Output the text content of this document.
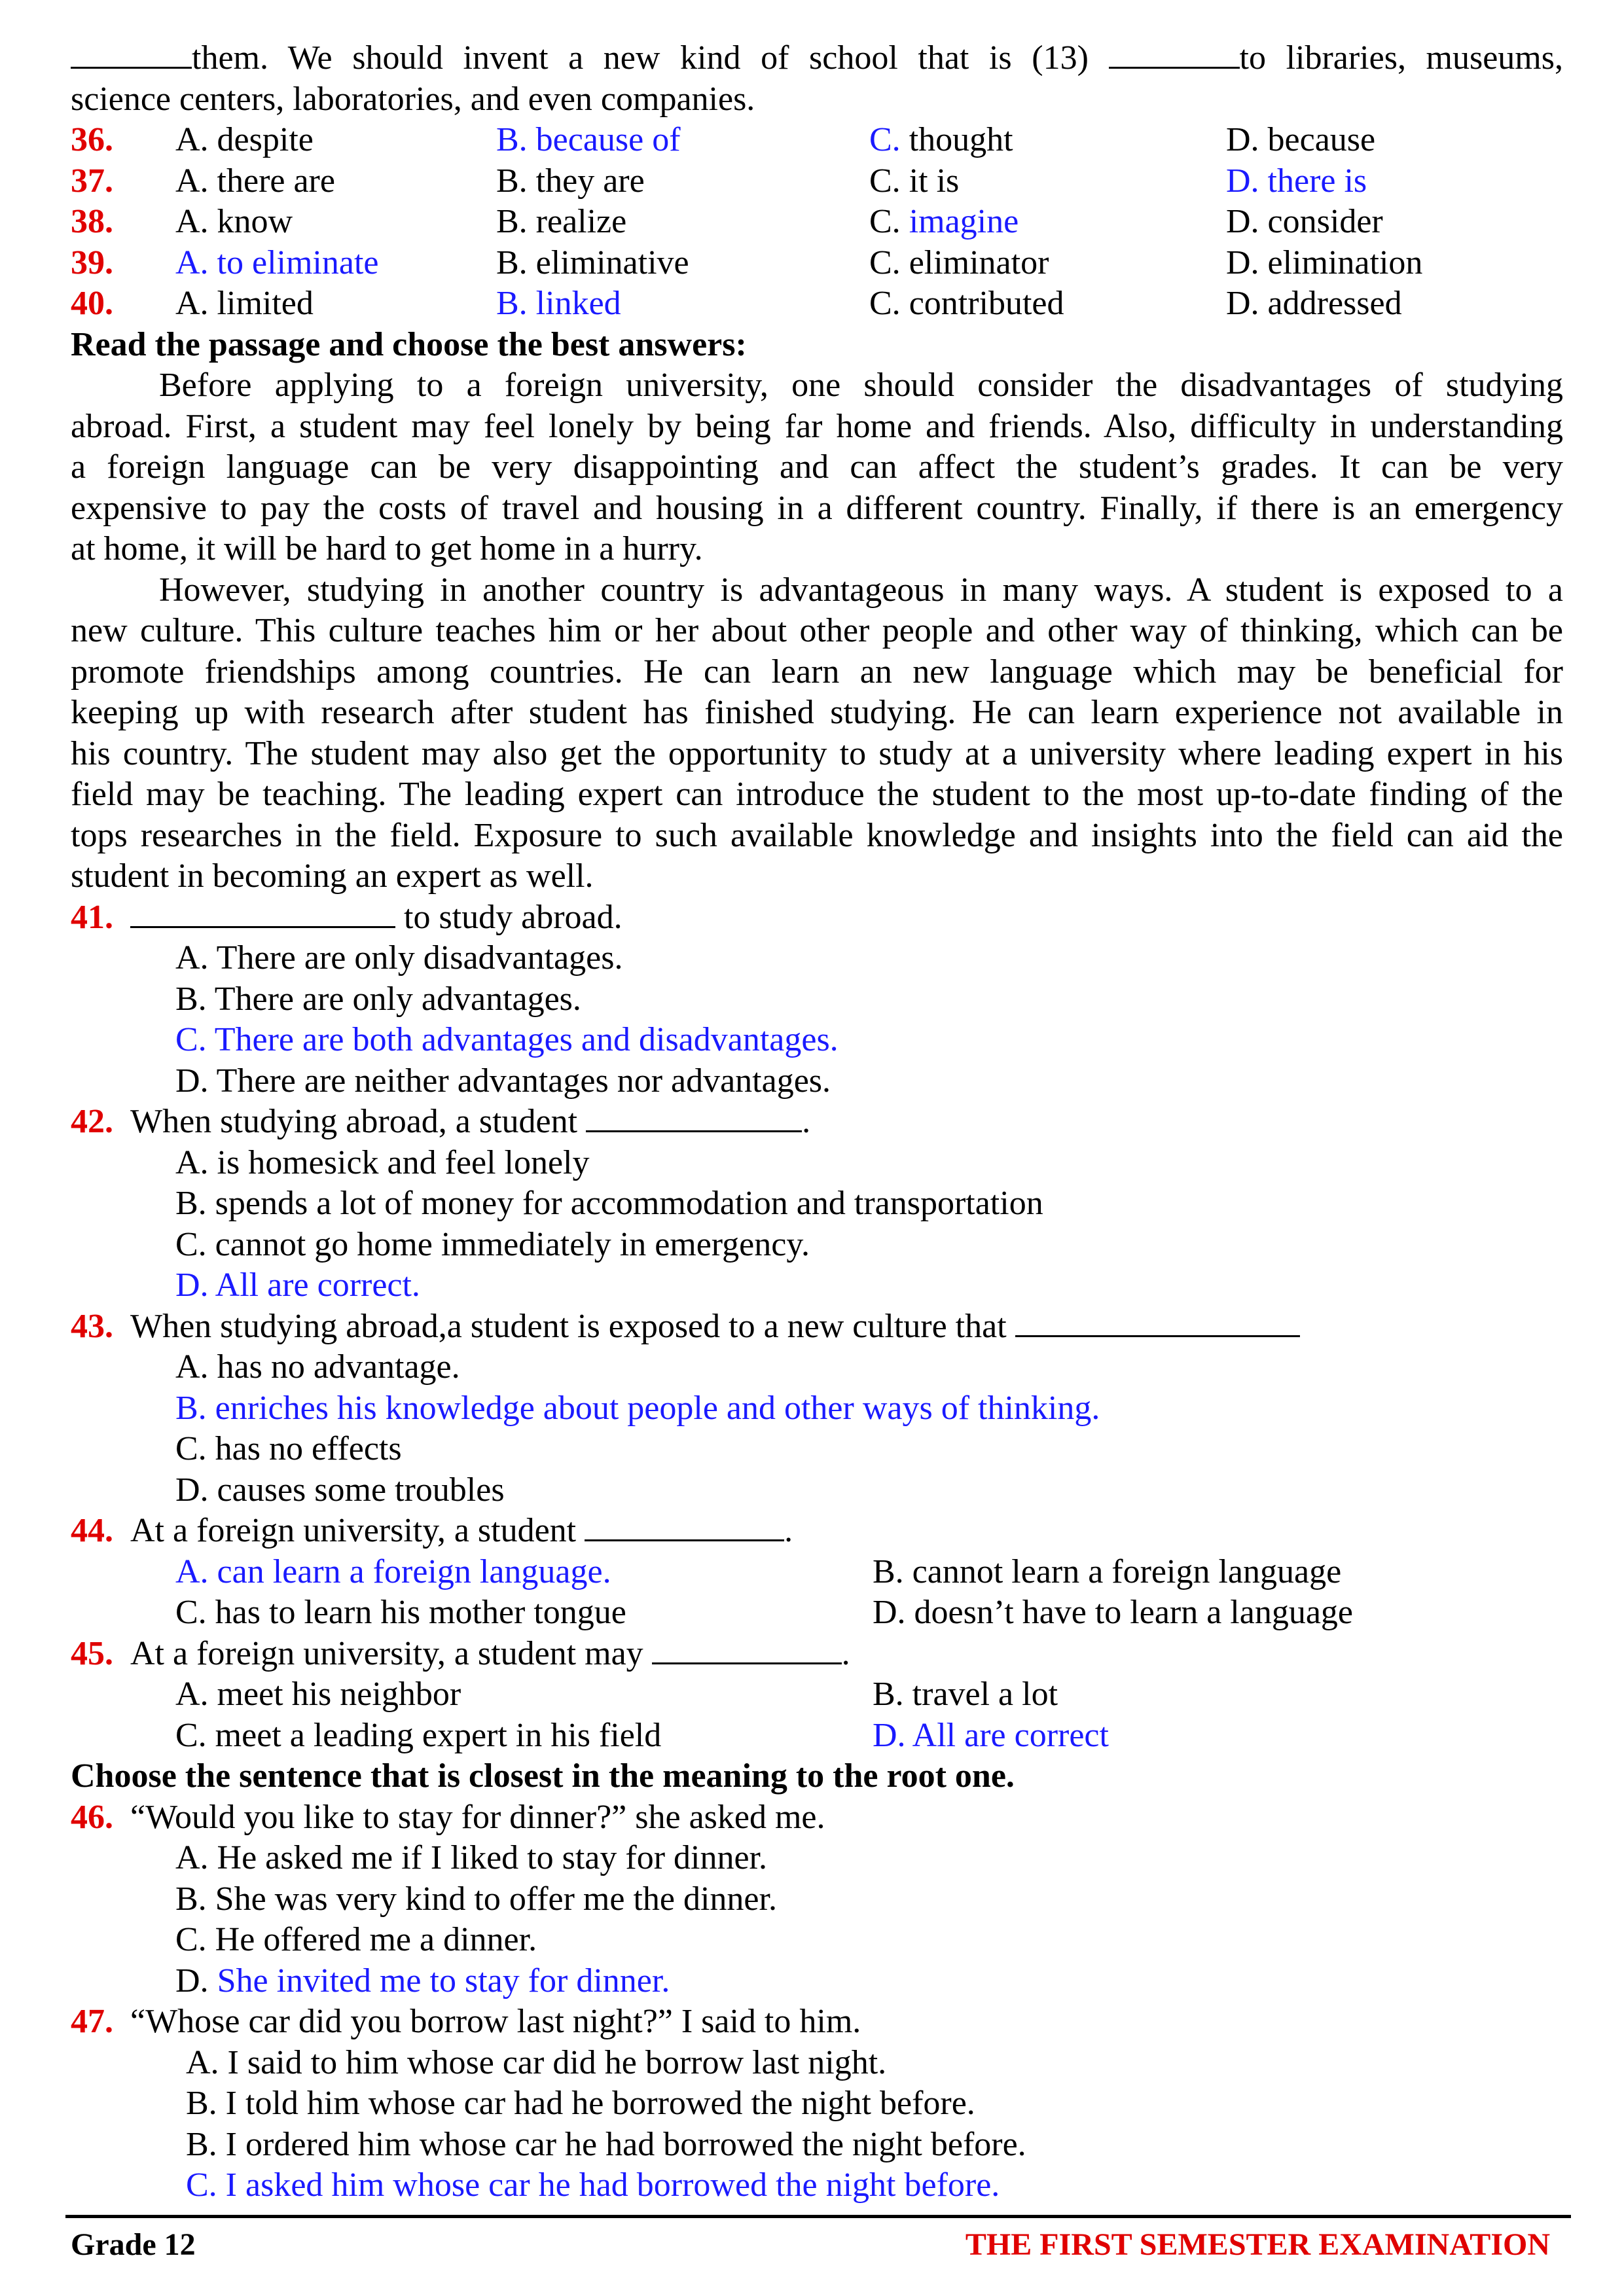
them. We should invent a new kind of school that is (13)	to libraries, museums,
science centers, laboratories, and even companies.
36. A. despite	B. because of	C. thought	D. because
37. A. there are	B. they are	C. it is	D. there is
38. A. know	B. realize	C. imagine	D. consider
39. A. to eliminate	B. eliminative	C. eliminator	D. elimination
40. A. limited	B. linked	C. contributed	D. addressed
Read the passage and choose the best answers:
Before applying to a foreign university, one should consider the disadvantages of studying
abroad. First, a student may feel lonely by being far home and friends. Also, difficulty in understanding
a foreign language can be very disappointing and can affect the student’s grades. It can be very
expensive to pay the costs of travel and housing in a different country. Finally, if there is an emergency
at home, it will be hard to get home in a hurry.
However, studying in another country is advantageous in many ways. A student is exposed to a
new culture. This culture teaches him or her about other people and other way of thinking, which can be
promote friendships among countries. He can learn an new language which may be beneficial for
keeping up with research after student has finished studying. He can learn experience not available in
his country. The student may also get the opportunity to study at a university where leading expert in his
field may be teaching. The leading expert can introduce the student to the most up-to-date finding of the
tops researches in the field. Exposure to such available knowledge and insights into the field can aid the
student in becoming an expert as well.
41.	to study abroad.
A. There are only disadvantages.
B. There are only advantages.
C. There are both advantages and disadvantages.
D. There are neither advantages nor advantages.
42. When studying abroad, a student	.
A. is homesick and feel lonely
B. spends a lot of money for accommodation and transportation
C. cannot go home immediately in emergency.
D. All are correct.
43. When studying abroad,a student is exposed to a new culture that
A. has no advantage.
B. enriches his knowledge about people and other ways of thinking.
C. has no effects
D. causes some troubles
44. At a foreign university, a student	.
A. can learn a foreign language.	B. cannot learn a foreign language
C. has to learn his mother tongue	D. doesn’t have to learn a language
45. At a foreign university, a student may	.
A. meet his neighbor	B. travel a lot
C. meet a leading expert in his field	D. All are correct
Choose the sentence that is closest in the meaning to the root one.
46. “Would you like to stay for dinner?” she asked me.
A. He asked me if I liked to stay for dinner.
B. She was very kind to offer me the dinner.
C. He offered me a dinner.
D. She invited me to stay for dinner.
47. “Whose car did you borrow last night?” I said to him.
A. I said to him whose car did he borrow last night.
B. I told him whose car had he borrowed the night before.
B. I ordered him whose car he had borrowed the night before.
C. I asked him whose car he had borrowed the night before.
Grade 12	THE FIRST SEMESTER EXAMINATION
